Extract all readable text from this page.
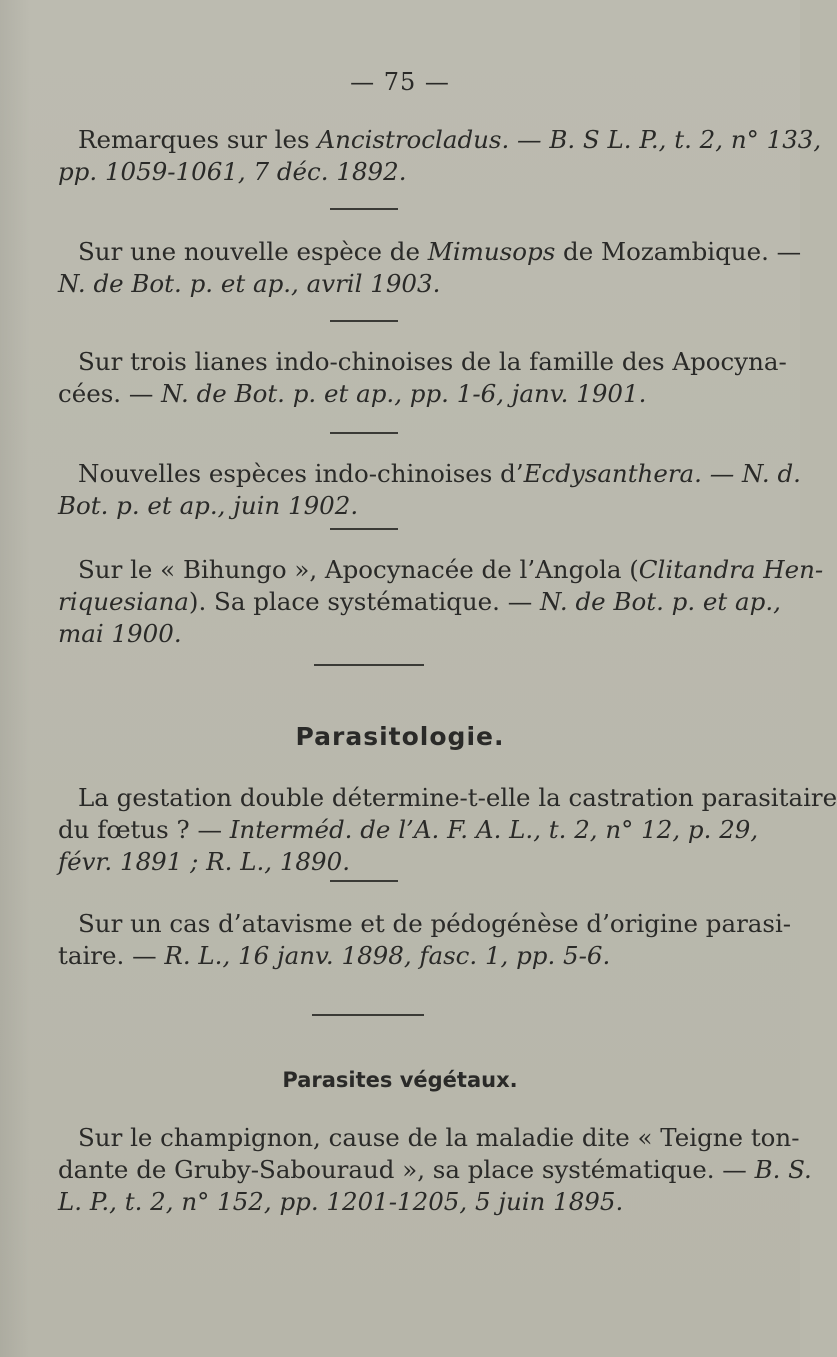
— 75 —
Remarques sur les Ancistrocladus. — B. S L. P., t. 2, n° 133,
pp. 1059-1061, 7 déc. 1892.
Sur une nouvelle espèce de Mimusops de Mozambique. —
N. de Bot. p. et ap., avril 1903.
Sur trois lianes indo-chinoises de la famille des Apocyna-
cées. — N. de Bot. p. et ap., pp. 1-6, janv. 1901.
Nouvelles espèces indo-chinoises d’Ecdysanthera. — N. d.
Bot. p. et ap., juin 1902.
Sur le « Bihungo », Apocynacée de l’Angola (Clitandra Hen-
riquesiana). Sa place systématique. — N. de Bot. p. et ap.,
mai 1900.
Parasitologie.
La gestation double détermine-t-elle la castration parasitaire
du fœtus ? — Interméd. de l’A. F. A. L., t. 2, n° 12, p. 29,
févr. 1891 ; R. L., 1890.
Sur un cas d’atavisme et de pédogénèse d’origine parasi-
taire. — R. L., 16 janv. 1898, fasc. 1, pp. 5-6.
Parasites végétaux.
Sur le champignon, cause de la maladie dite « Teigne ton-
dante de Gruby-Sabouraud », sa place systématique. — B. S.
L. P., t. 2, n° 152, pp. 1201-1205, 5 juin 1895.
